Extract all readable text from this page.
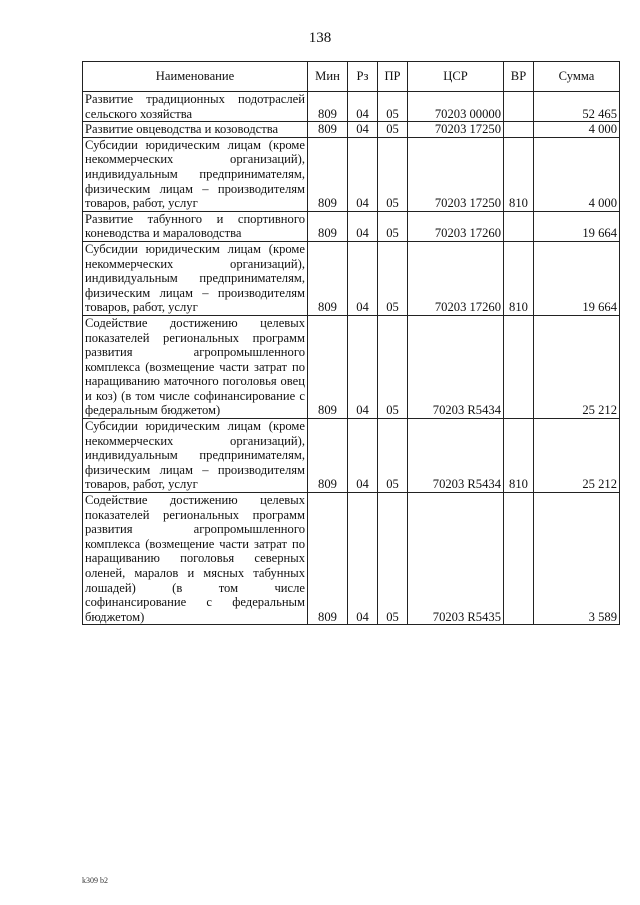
138
Наименование	Мин	Рз	ПР	ЦСР	ВР	Сумма
Развитие традиционных подотраслей сельского хозяйства	809	04	05	70203 00000		52 465
Развитие овцеводства и козоводства	809	04	05	70203 17250		4 000
Субсидии юридическим лицам (кроме некоммерческих организаций), индивидуальным предпринимателям, физическим лицам – производителям товаров, работ, услуг	809	04	05	70203 17250	810	4 000
Развитие табунного и спортивного коневодства и мараловодства	809	04	05	70203 17260		19 664
Субсидии юридическим лицам (кроме некоммерческих организаций), индивидуальным предпринимателям, физическим лицам – производителям товаров, работ, услуг	809	04	05	70203 17260	810	19 664
Содействие достижению целевых показателей региональных программ развития агропромышленного комплекса (возмещение части затрат по наращиванию маточного поголовья овец и коз) (в том числе софинансирование с федеральным бюджетом)	809	04	05	70203 R5434		25 212
Субсидии юридическим лицам (кроме некоммерческих организаций), индивидуальным предпринимателям, физическим лицам – производителям товаров, работ, услуг	809	04	05	70203 R5434	810	25 212
Содействие достижению целевых показателей региональных программ развития агропромышленного комплекса (возмещение части затрат по наращиванию поголовья северных оленей, маралов и мясных табунных лошадей) (в том числе софинансирование с федеральным бюджетом)	809	04	05	70203 R5435		3 589
k309 b2
